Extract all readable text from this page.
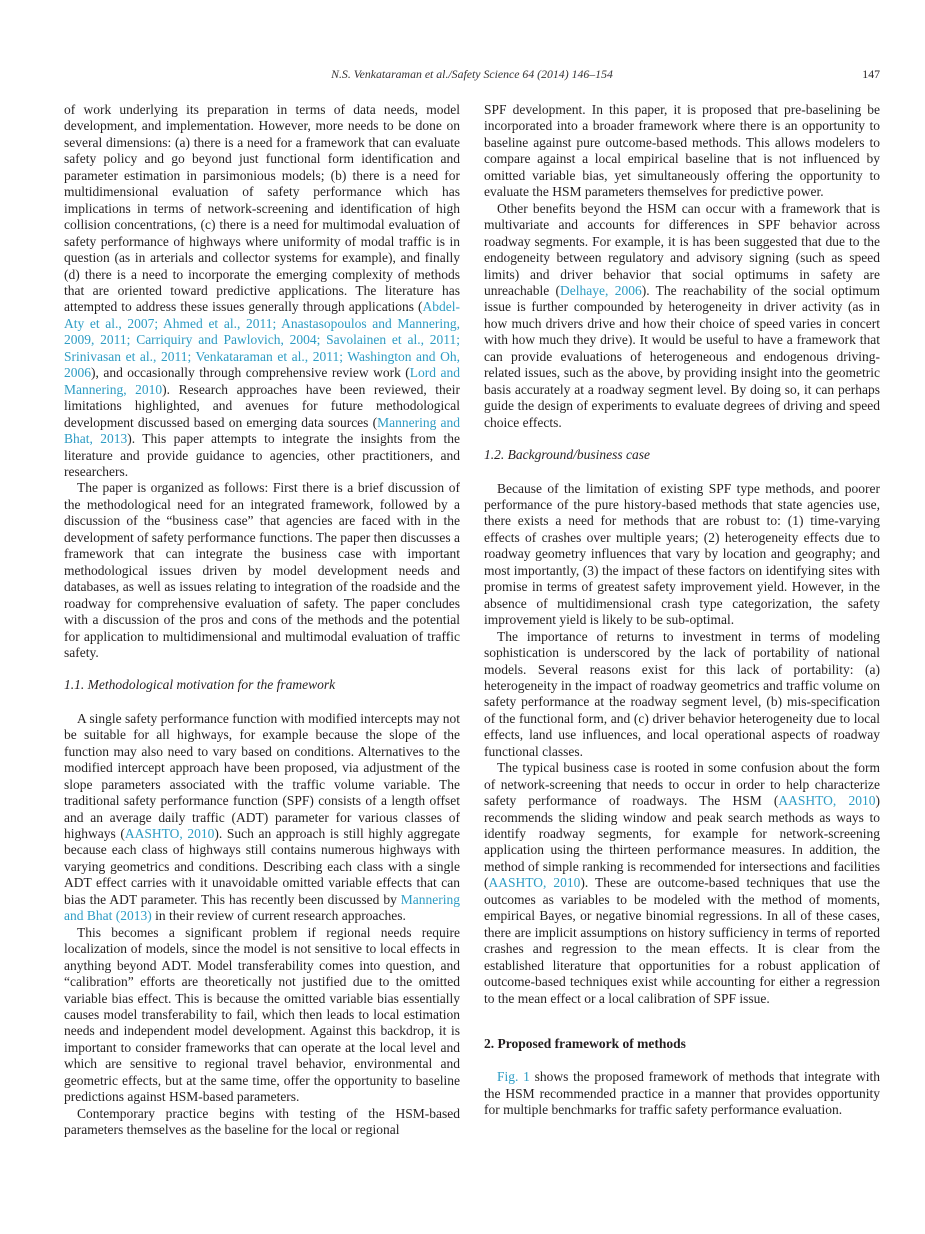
N.S. Venkataraman et al./Safety Science 64 (2014) 146–154	147

of work underlying its preparation in terms of data needs, model development, and implementation. However, more needs to be done on several dimensions: (a) there is a need for a framework that can evaluate safety policy and go beyond just functional form identification and parameter estimation in parsimonious models; (b) there is a need for multidimensional evaluation of safety performance which has implications in terms of network-screening and identification of high collision concentrations, (c) there is a need for multimodal evaluation of safety performance of highways where uniformity of modal traffic is in question (as in arterials and collector systems for example), and finally (d) there is a need to incorporate the emerging complexity of methods that are oriented toward predictive applications. The literature has attempted to address these issues generally through applications (Abdel-Aty et al., 2007; Ahmed et al., 2011; Anastasopoulos and Mannering, 2009, 2011; Carriquiry and Pawlovich, 2004; Savolainen et al., 2011; Srinivasan et al., 2011; Venkataraman et al., 2011; Washington and Oh, 2006), and occasionally through comprehensive review work (Lord and Mannering, 2010). Research approaches have been reviewed, their limitations highlighted, and avenues for future methodological development discussed based on emerging data sources (Mannering and Bhat, 2013). This paper attempts to integrate the insights from the literature and provide guidance to agencies, other practitioners, and researchers.

The paper is organized as follows: First there is a brief discussion of the methodological need for an integrated framework, followed by a discussion of the “business case” that agencies are faced with in the development of safety performance functions. The paper then discusses a framework that can integrate the business case with important methodological issues driven by model development needs and databases, as well as issues relating to integration of the roadside and the roadway for comprehensive evaluation of safety. The paper concludes with a discussion of the pros and cons of the methods and the potential for application to multidimensional and multimodal evaluation of traffic safety.

1.1. Methodological motivation for the framework

A single safety performance function with modified intercepts may not be suitable for all highways, for example because the slope of the function may also need to vary based on conditions. Alternatives to the modified intercept approach have been proposed, via adjustment of the slope parameters associated with the traffic volume variable. The traditional safety performance function (SPF) consists of a length offset and an average daily traffic (ADT) parameter for various classes of highways (AASHTO, 2010). Such an approach is still highly aggregate because each class of highways still contains numerous highways with varying geometrics and conditions. Describing each class with a single ADT effect carries with it unavoidable omitted variable effects that can bias the ADT parameter. This has recently been discussed by Mannering and Bhat (2013) in their review of current research approaches.

This becomes a significant problem if regional needs require localization of models, since the model is not sensitive to local effects in anything beyond ADT. Model transferability comes into question, and “calibration” efforts are theoretically not justified due to the omitted variable bias effect. This is because the omitted variable bias essentially causes model transferability to fail, which then leads to local estimation needs and independent model development. Against this backdrop, it is important to consider frameworks that can operate at the local level and which are sensitive to regional travel behavior, environmental and geometric effects, but at the same time, offer the opportunity to baseline predictions against HSM-based parameters.

Contemporary practice begins with testing of the HSM-based parameters themselves as the baseline for the local or regional

SPF development. In this paper, it is proposed that pre-baselining be incorporated into a broader framework where there is an opportunity to baseline against pure outcome-based methods. This allows modelers to compare against a local empirical baseline that is not influenced by omitted variable bias, yet simultaneously offering the opportunity to evaluate the HSM parameters themselves for predictive power.

Other benefits beyond the HSM can occur with a framework that is multivariate and accounts for differences in SPF behavior across roadway segments. For example, it is has been suggested that due to the endogeneity between regulatory and advisory signing (such as speed limits) and driver behavior that social optimums in safety are unreachable (Delhaye, 2006). The reachability of the social optimum issue is further compounded by heterogeneity in driver activity (as in how much drivers drive and how their choice of speed varies in concert with how much they drive). It would be useful to have a framework that can provide evaluations of heterogeneous and endogenous driving-related issues, such as the above, by providing insight into the geometric basis accurately at a roadway segment level. By doing so, it can perhaps guide the design of experiments to evaluate degrees of driving and speed choice effects.

1.2. Background/business case

Because of the limitation of existing SPF type methods, and poorer performance of the pure history-based methods that state agencies use, there exists a need for methods that are robust to: (1) time-varying effects of crashes over multiple years; (2) heterogeneity effects due to roadway geometry influences that vary by location and geography; and most importantly, (3) the impact of these factors on identifying sites with promise in terms of greatest safety improvement yield. However, in the absence of multidimensional crash type categorization, the safety improvement yield is likely to be sub-optimal.

The importance of returns to investment in terms of modeling sophistication is underscored by the lack of portability of national models. Several reasons exist for this lack of portability: (a) heterogeneity in the impact of roadway geometrics and traffic volume on safety performance at the roadway segment level, (b) mis-specification of the functional form, and (c) driver behavior heterogeneity due to local effects, land use influences, and local operational aspects of roadway functional classes.

The typical business case is rooted in some confusion about the form of network-screening that needs to occur in order to help characterize safety performance of roadways. The HSM (AASHTO, 2010) recommends the sliding window and peak search methods as ways to identify roadway segments, for example for network-screening application using the thirteen performance measures. In addition, the method of simple ranking is recommended for intersections and facilities (AASHTO, 2010). These are outcome-based techniques that use the outcomes as variables to be modeled with the method of moments, empirical Bayes, or negative binomial regressions. In all of these cases, there are implicit assumptions on history sufficiency in terms of reported crashes and regression to the mean effects. It is clear from the established literature that opportunities for a robust application of outcome-based techniques exist while accounting for either a regression to the mean effect or a local calibration of SPF issue.

2. Proposed framework of methods

Fig. 1 shows the proposed framework of methods that integrate with the HSM recommended practice in a manner that provides opportunity for multiple benchmarks for traffic safety performance evaluation.
